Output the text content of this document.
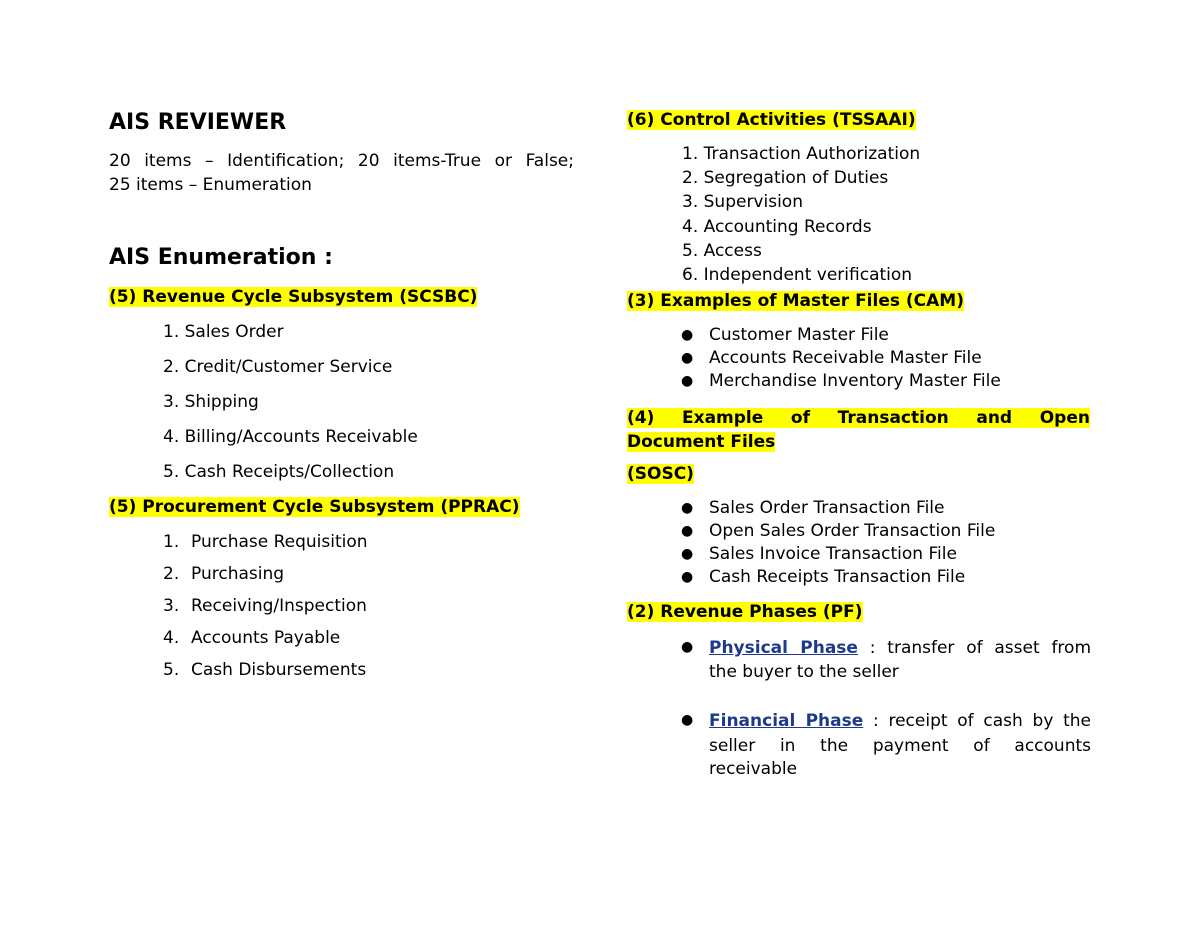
AIS REVIEWER
20 items – Identification; 20 items-True or False;
25 items – Enumeration
AIS Enumeration :
(5) Revenue Cycle Subsystem (SCSBC)
1. Sales Order
2. Credit/Customer Service
3. Shipping
4. Billing/Accounts Receivable
5. Cash Receipts/Collection
(5) Procurement Cycle Subsystem (PPRAC)
1. Purchase Requisition
2. Purchasing
3. Receiving/Inspection
4. Accounts Payable
5. Cash Disbursements
(6) Control Activities (TSSAAI)
1. Transaction Authorization
2. Segregation of Duties
3. Supervision
4. Accounting Records
5. Access
6. Independent verification
(3) Examples of Master Files (CAM)
● Customer Master File
● Accounts Receivable Master File
● Merchandise Inventory Master File
(4) Example of Transaction and Open
Document Files
(SOSC)
● Sales Order Transaction File
● Open Sales Order Transaction File
● Sales Invoice Transaction File
● Cash Receipts Transaction File
(2) Revenue Phases (PF)
● Physical Phase : transfer of asset from
the buyer to the seller
● Financial Phase : receipt of cash by the
seller in the payment of accounts
receivable
